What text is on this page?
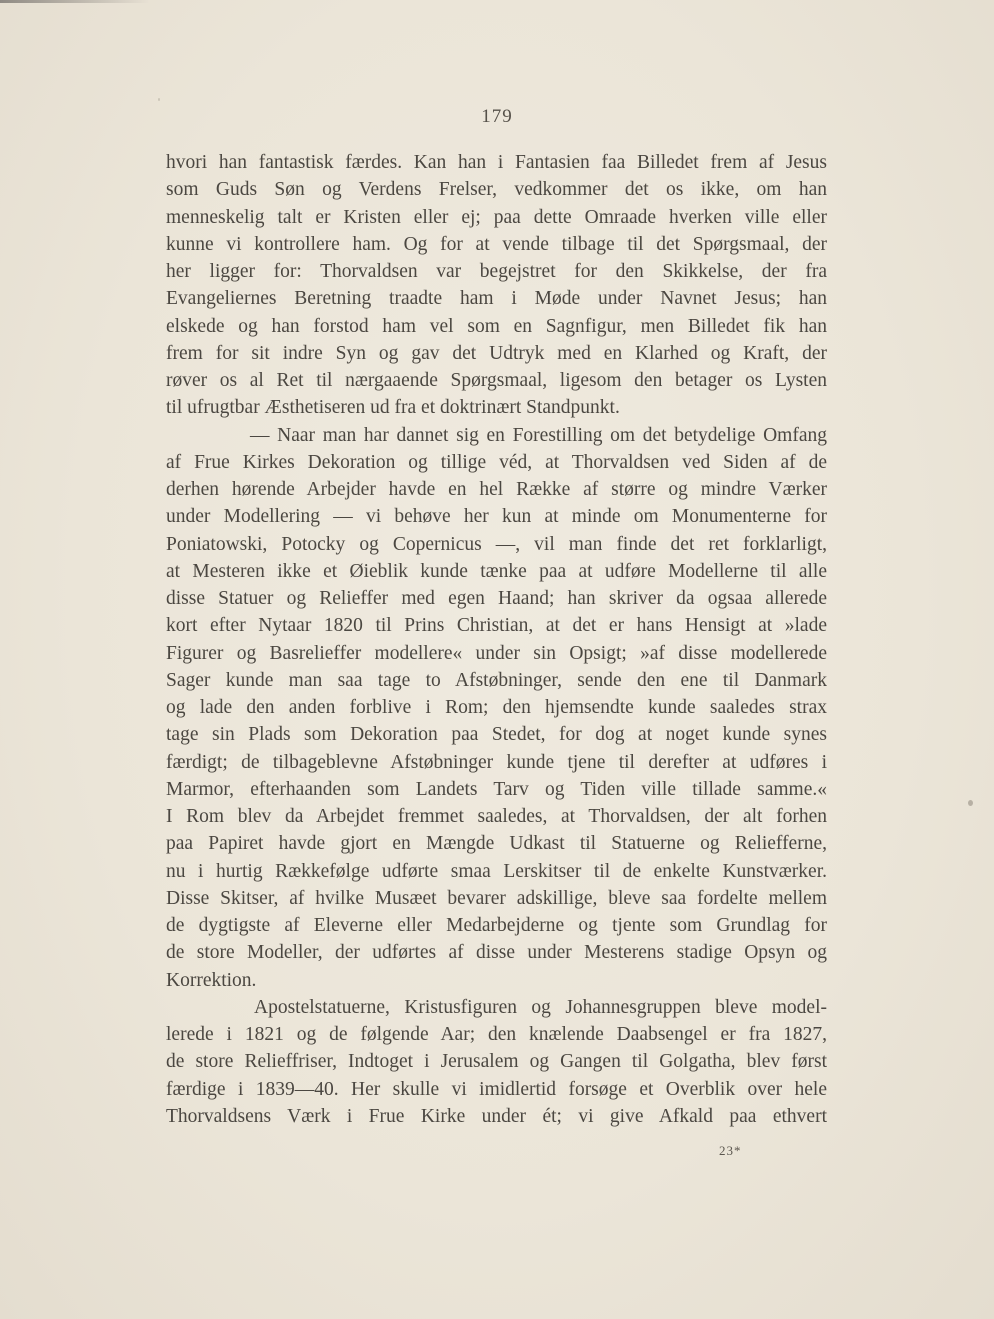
179
hvori han fantastisk færdes. Kan han i Fantasien faa Billedet frem af Jesus
som Guds Søn og Verdens Frelser, vedkommer det os ikke, om han
menneskelig talt er Kristen eller ej; paa dette Omraade hverken ville eller
kunne vi kontrollere ham. Og for at vende tilbage til det Spørgsmaal, der
her ligger for: Thorvaldsen var begejstret for den Skikkelse, der fra
Evangeliernes Beretning traadte ham i Møde under Navnet Jesus; han
elskede og han forstod ham vel som en Sagnfigur, men Billedet fik han
frem for sit indre Syn og gav det Udtryk med en Klarhed og Kraft, der
røver os al Ret til nærgaaende Spørgsmaal, ligesom den betager os Lysten
til ufrugtbar Æsthetiseren ud fra et doktrinært Standpunkt.
— Naar man har dannet sig en Forestilling om det betydelige Omfang
af Frue Kirkes Dekoration og tillige véd, at Thorvaldsen ved Siden af de
derhen hørende Arbejder havde en hel Række af større og mindre Værker
under Modellering — vi behøve her kun at minde om Monumenterne for
Poniatowski, Potocky og Copernicus —, vil man finde det ret forklarligt,
at Mesteren ikke et Øieblik kunde tænke paa at udføre Modellerne til alle
disse Statuer og Relieffer med egen Haand; han skriver da ogsaa allerede
kort efter Nytaar 1820 til Prins Christian, at det er hans Hensigt at »lade
Figurer og Basrelieffer modellere« under sin Opsigt; »af disse modellerede
Sager kunde man saa tage to Afstøbninger, sende den ene til Danmark
og lade den anden forblive i Rom; den hjemsendte kunde saaledes strax
tage sin Plads som Dekoration paa Stedet, for dog at noget kunde synes
færdigt; de tilbageblevne Afstøbninger kunde tjene til derefter at udføres i
Marmor, efterhaanden som Landets Tarv og Tiden ville tillade samme.«
I Rom blev da Arbejdet fremmet saaledes, at Thorvaldsen, der alt forhen
paa Papiret havde gjort en Mængde Udkast til Statuerne og Reliefferne,
nu i hurtig Rækkefølge udførte smaa Lerskitser til de enkelte Kunstværker.
Disse Skitser, af hvilke Musæet bevarer adskillige, bleve saa fordelte mellem
de dygtigste af Eleverne eller Medarbejderne og tjente som Grundlag for
de store Modeller, der udførtes af disse under Mesterens stadige Opsyn og
Korrektion.
Apostelstatuerne, Kristusfiguren og Johannesgruppen bleve model-
lerede i 1821 og de følgende Aar; den knælende Daabsengel er fra 1827,
de store Relieffriser, Indtoget i Jerusalem og Gangen til Golgatha, blev først
færdige i 1839—40. Her skulle vi imidlertid forsøge et Overblik over hele
Thorvaldsens Værk i Frue Kirke under ét; vi give Afkald paa ethvert
23*
